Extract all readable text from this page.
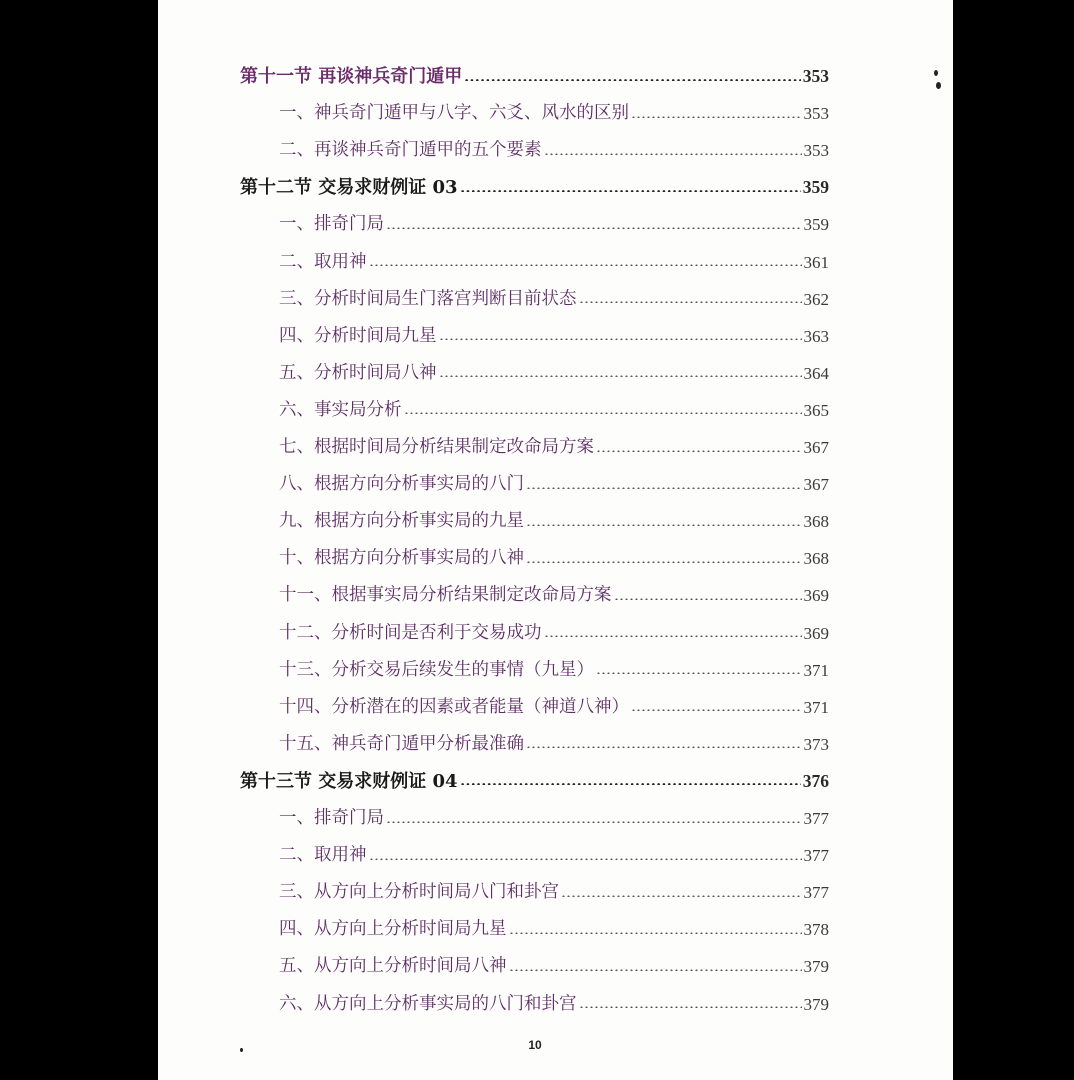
第十一节 再谈神兵奇门遁甲	353
一、神兵奇门遁甲与八字、六爻、风水的区别	353
二、再谈神兵奇门遁甲的五个要素	353
第十二节 交易求财例证 03	359
一、排奇门局	359
二、取用神	361
三、分析时间局生门落宫判断目前状态	362
四、分析时间局九星	363
五、分析时间局八神	364
六、事实局分析	365
七、根据时间局分析结果制定改命局方案	367
八、根据方向分析事实局的八门	367
九、根据方向分析事实局的九星	368
十、根据方向分析事实局的八神	368
十一、根据事实局分析结果制定改命局方案	369
十二、分析时间是否利于交易成功	369
十三、分析交易后续发生的事情（九星）	371
十四、分析潜在的因素或者能量（神道八神）	371
十五、神兵奇门遁甲分析最准确	373
第十三节 交易求财例证 04	376
一、排奇门局	377
二、取用神	377
三、从方向上分析时间局八门和卦宫	377
四、从方向上分析时间局九星	378
五、从方向上分析时间局八神	379
六、从方向上分析事实局的八门和卦宫	379
10
